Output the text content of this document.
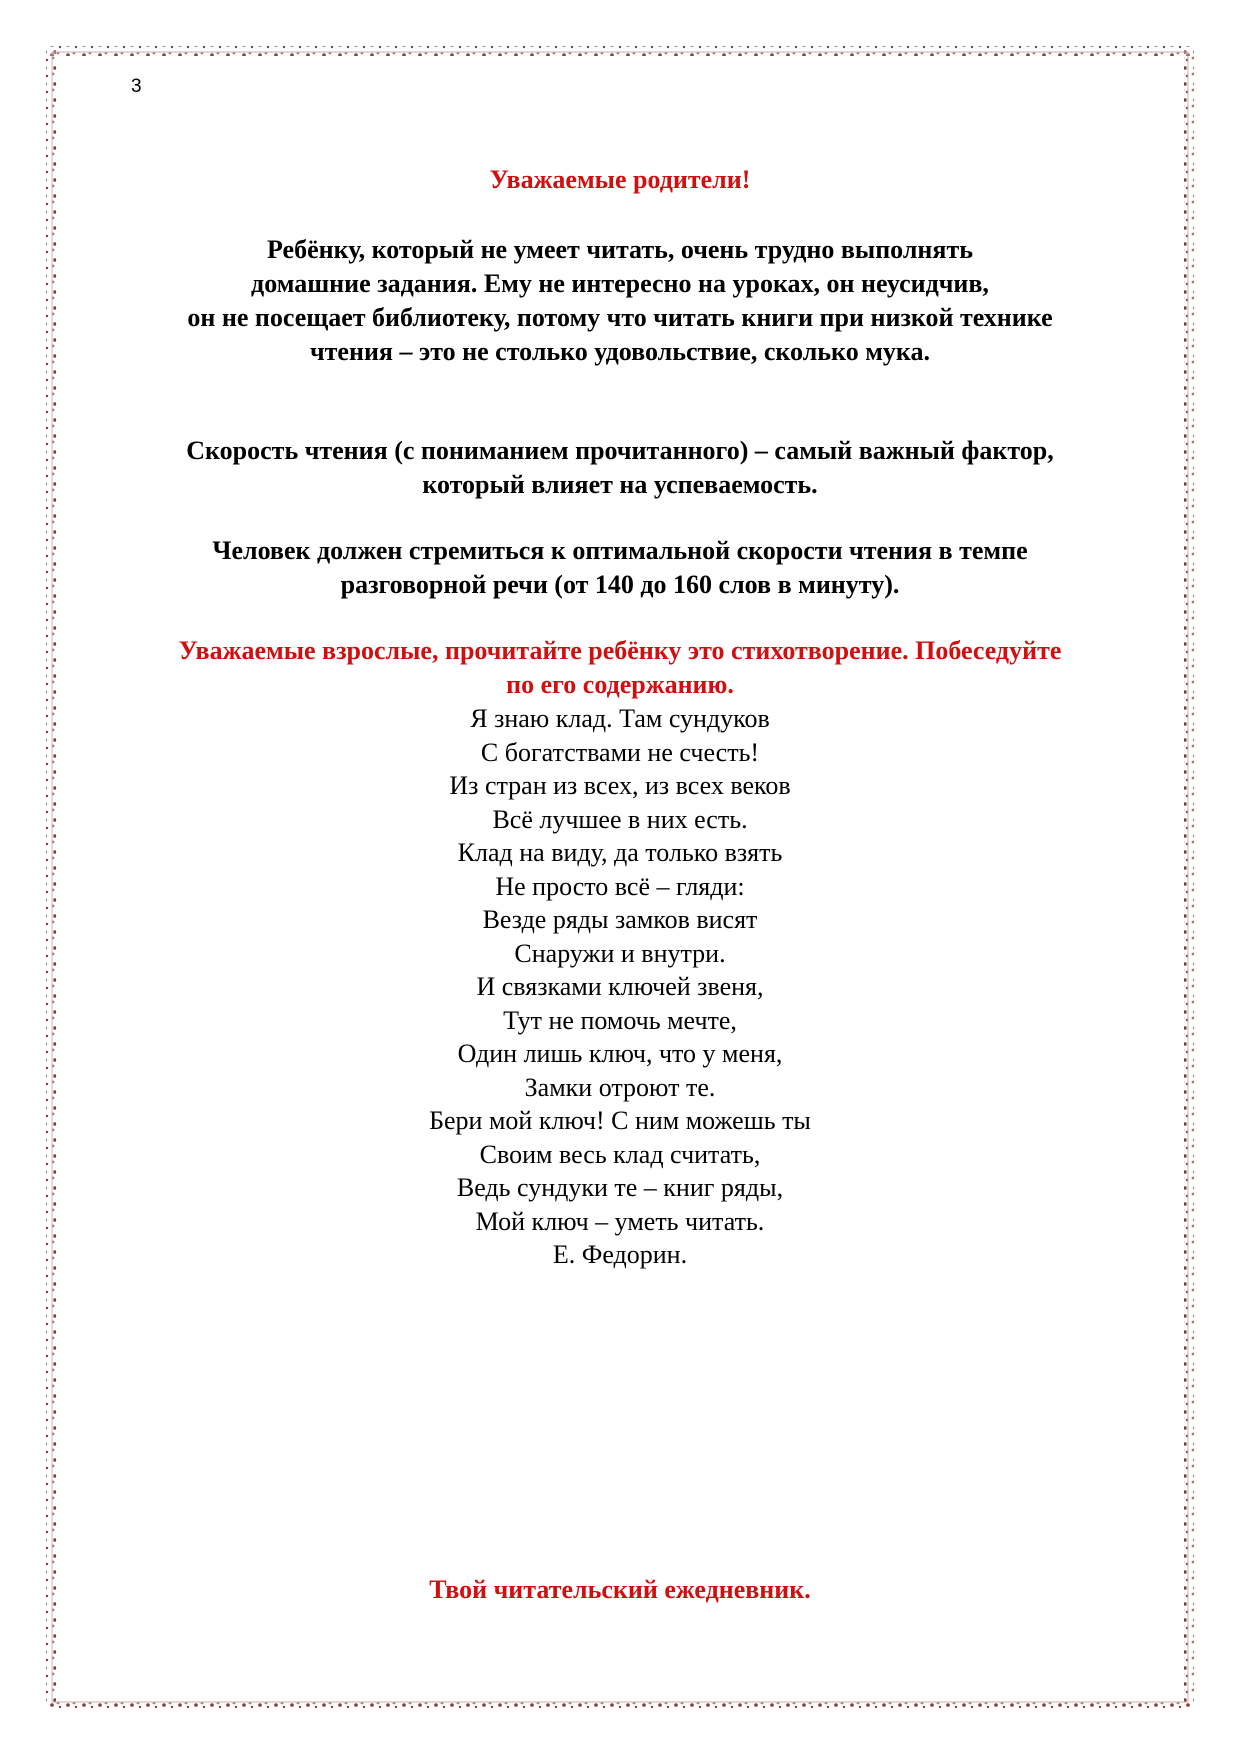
3
Уважаемые родители!
Ребёнку, который не умеет читать, очень трудно выполнять
домашние задания. Ему не интересно на уроках, он неусидчив,
он не посещает библиотеку, потому что читать книги при низкой технике
чтения – это не столько удовольствие, сколько мука.
Скорость чтения (с пониманием прочитанного) – самый важный фактор,
который влияет на успеваемость.
Человек должен стремиться к оптимальной скорости чтения в темпе
разговорной речи (от 140 до 160 слов в минуту).
Уважаемые взрослые, прочитайте ребёнку это стихотворение. Побеседуйте
по его содержанию.
Я знаю клад. Там сундуков
С богатствами не счесть!
Из стран из всех, из всех веков
Всё лучшее в них есть.
Клад на виду, да только взять
Не просто всё – гляди:
Везде ряды замков висят
Снаружи и внутри.
И связками ключей звеня,
Тут не помочь мечте,
Один лишь ключ, что у меня,
Замки отроют те.
Бери мой ключ! С ним можешь ты
Своим весь клад считать,
Ведь сундуки те – книг ряды,
Мой ключ – уметь читать.
Е. Федорин.
Твой читательский ежедневник.
